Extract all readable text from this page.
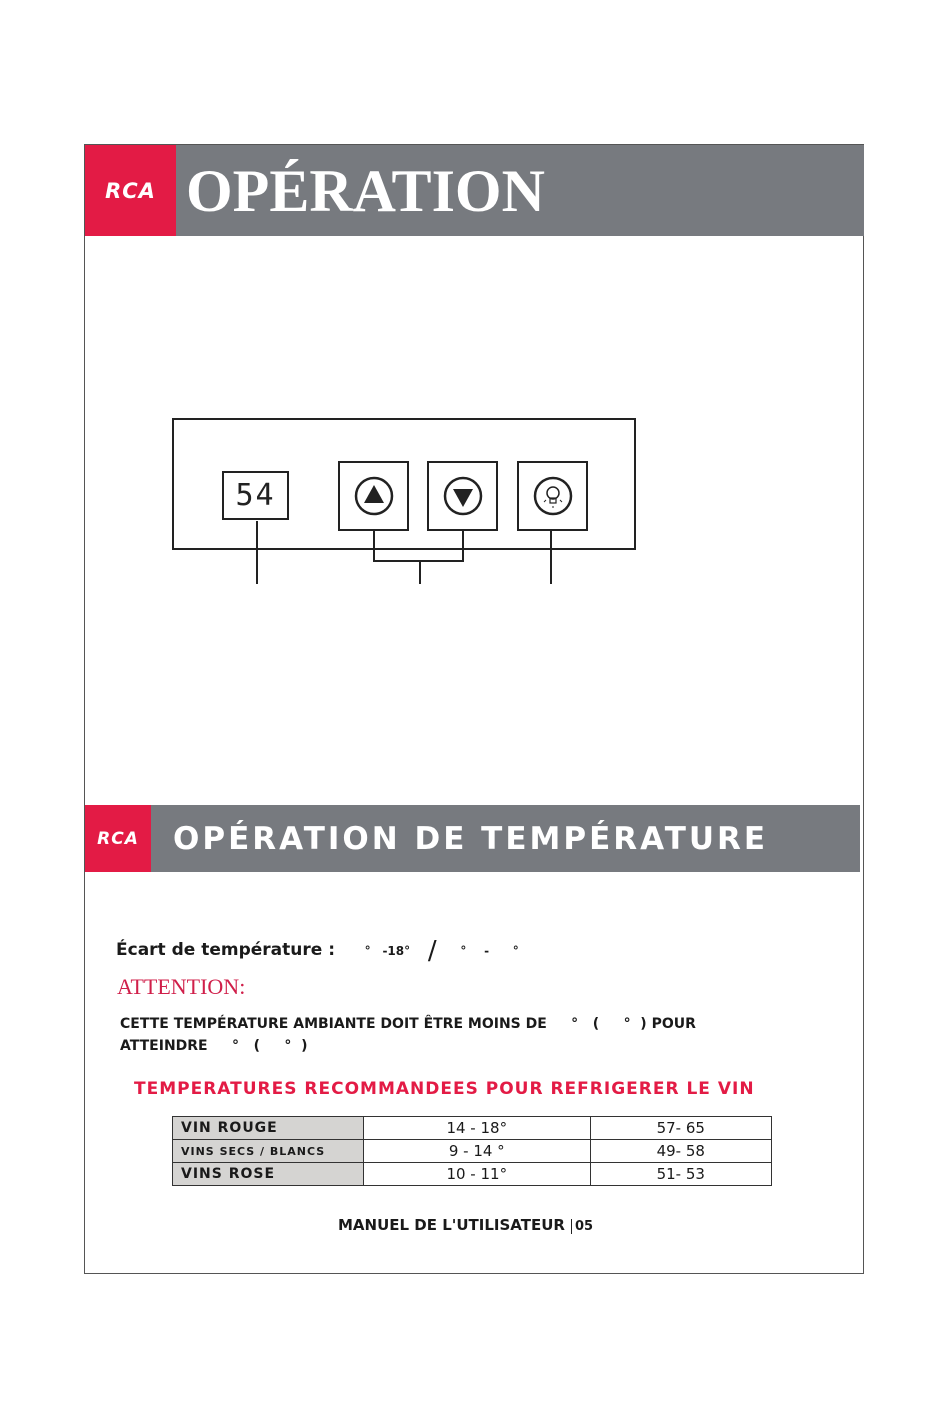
RCA OPÉRATION
54
RCA OPÉRATION DE TEMPÉRATURE
Écart de température : ° -18° / ° - °
ATTENTION:
CETTE TEMPÉRATURE AMBIANTE DOIT ÊTRE MOINS DE     °   (     °  ) POUR
ATTEINDRE     °   (     °  )
TEMPERATURES RECOMMANDEES POUR REFRIGERER LE VIN
VIN ROUGE	14 - 18°	57- 65
VINS SECS / BLANCS	9 - 14 °	49- 58
VINS ROSE	10 - 11°	51- 53
MANUEL DE L'UTILISATEUR 05
